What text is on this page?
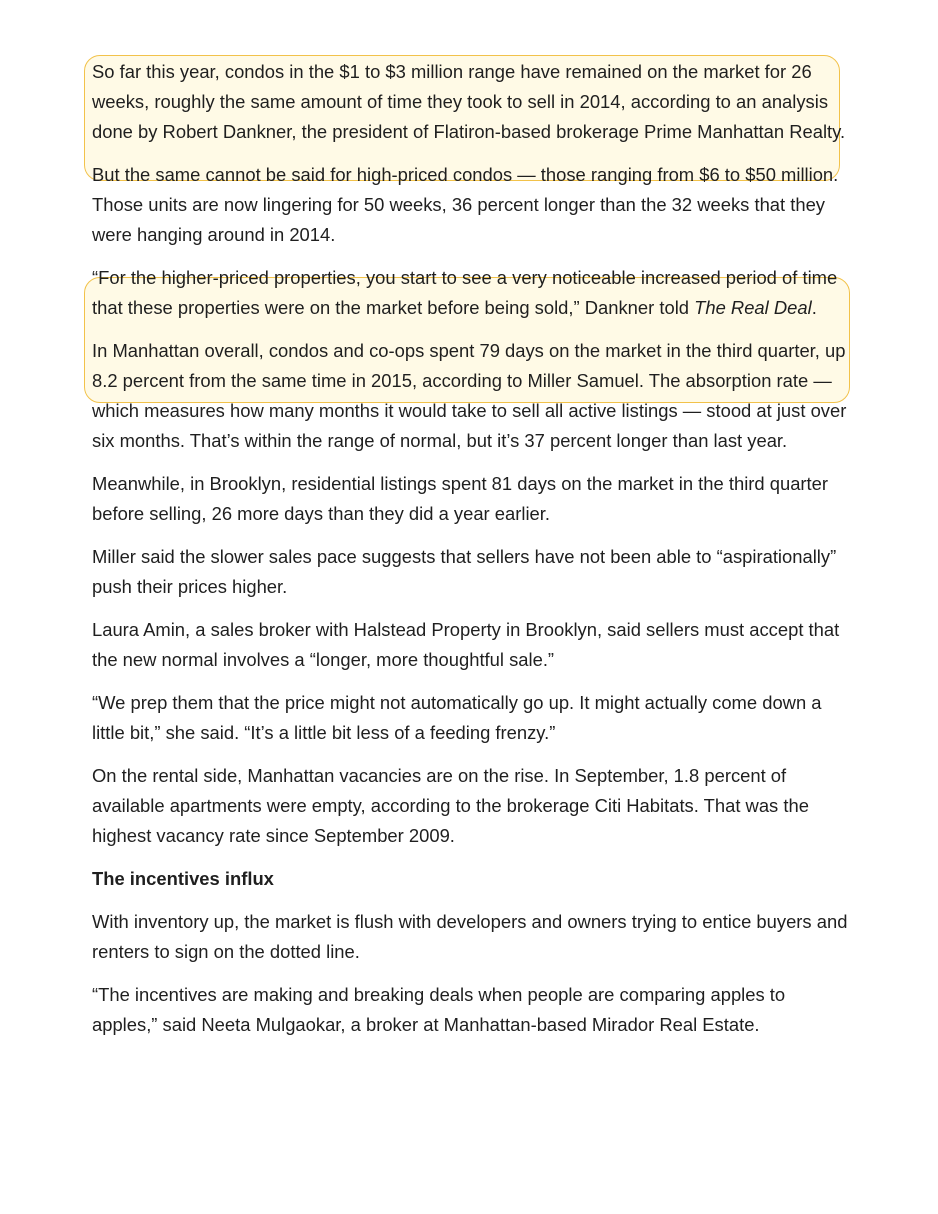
So far this year, condos in the $1 to $3 million range have remained on the market for 26 weeks, roughly the same amount of time they took to sell in 2014, according to an analysis done by Robert Dankner, the president of Flatiron-based brokerage Prime Manhattan Realty.

But the same cannot be said for high-priced condos — those ranging from $6 to $50 million. Those units are now lingering for 50 weeks, 36 percent longer than the 32 weeks that they were hanging around in 2014.

“For the higher-priced properties, you start to see a very noticeable increased period of time that these properties were on the market before being sold,” Dankner told The Real Deal.

In Manhattan overall, condos and co-ops spent 79 days on the market in the third quarter, up 8.2 percent from the same time in 2015, according to Miller Samuel. The absorption rate — which measures how many months it would take to sell all active listings — stood at just over six months. That’s within the range of normal, but it’s 37 percent longer than last year.

Meanwhile, in Brooklyn, residential listings spent 81 days on the market in the third quarter before selling, 26 more days than they did a year earlier.

Miller said the slower sales pace suggests that sellers have not been able to “aspirationally” push their prices higher.

Laura Amin, a sales broker with Halstead Property in Brooklyn, said sellers must accept that the new normal involves a “longer, more thoughtful sale.”

“We prep them that the price might not automatically go up. It might actually come down a little bit,” she said. “It’s a little bit less of a feeding frenzy.”

On the rental side, Manhattan vacancies are on the rise. In September, 1.8 percent of available apartments were empty, according to the brokerage Citi Habitats. That was the highest vacancy rate since September 2009.

The incentives influx

With inventory up, the market is flush with developers and owners trying to entice buyers and renters to sign on the dotted line.

“The incentives are making and breaking deals when people are comparing apples to apples,” said Neeta Mulgaokar, a broker at Manhattan-based Mirador Real Estate.
